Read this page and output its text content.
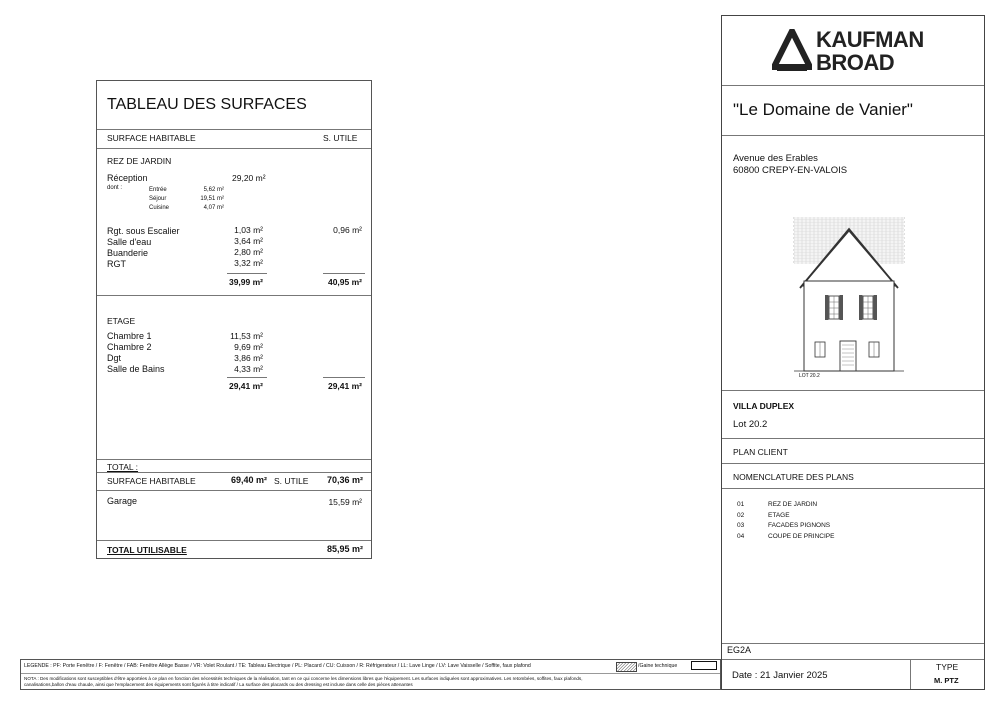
TABLEAU DES SURFACES
SURFACE HABITABLE	S. UTILE
REZ DE JARDIN
Réception	29,20 m²
dont :	Entrée	5,62 m²
Séjour	19,51 m²
Cuisine	4,07 m²
Rgt. sous Escalier	1,03 m²	0,96 m²
Salle d'eau	3,64 m²
Buanderie	2,80 m²
RGT	3,32 m²
39,99 m²	40,95 m²
ETAGE
Chambre 1	11,53 m²
Chambre 2	9,69 m²
Dgt	3,86 m²
Salle de Bains	4,33 m²
29,41 m²	29,41 m²
TOTAL :
SURFACE HABITABLE	69,40 m² S. UTILE	70,36 m²
Garage	15,59 m²
TOTAL UTILISABLE	85,95 m²
KAUFMAN
BROAD
"Le Domaine de Vanier"
Avenue des Erables
60800 CREPY-EN-VALOIS
LOT 20.2
VILLA DUPLEX
Lot 20.2
PLAN CLIENT
NOMENCLATURE DES PLANS
01	REZ DE JARDIN
02	ETAGE
03	FACADES PIGNONS
04	COUPE DE PRINCIPE
EG2A
Date : 21 Janvier 2025
TYPE
M. PTZ
LEGENDE : PF: Porte Fenêtre / F: Fenêtre / FAB: Fenêtre Allège Basse / VR: Volet Roulant / TE: Tableau Electrique / PL: Placard / CU: Cuisson / R: Réfrigerateur / LL: Lave Linge / LV: Lave Vaisselle / Soffite, faux plafond	/Gaine technique
NOTA : Des modifications sont susceptibles d'être apportées à ce plan en fonction des nécessités techniques de la réalisation, tant en ce qui concerne les dimensions libres que l'équipement. Les surfaces indiquées sont approximatives. Les retombées, soffites, faux plafonds,
canalisations,ballon d'eau chaude, ainsi que l'emplacement des équipements sont figurés à titre indicatif / La surface des placards ou des dressing est incluse dans celle des pièces attenantes
